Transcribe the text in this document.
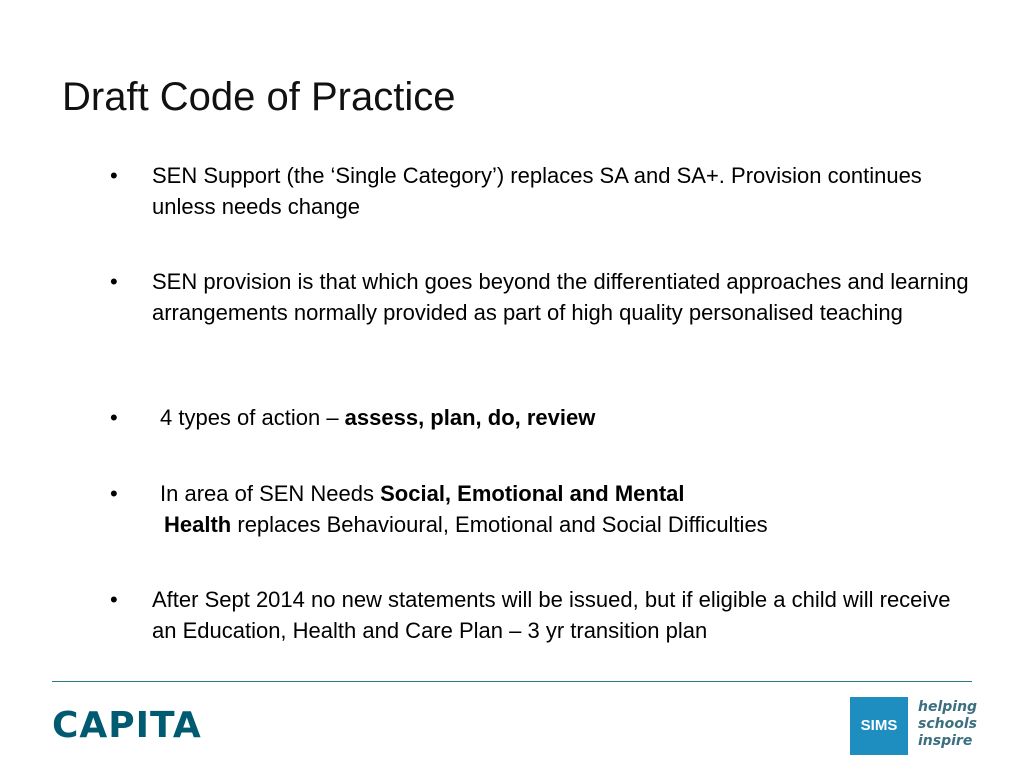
Draft Code of Practice
•	SEN Support (the ‘Single Category’) replaces SA and SA+. Provision continues unless needs change
•	SEN provision is that which goes beyond the differentiated approaches and learning arrangements normally provided as part of high quality personalised teaching
•	4 types of action – assess, plan, do, review
•	In area of SEN Needs Social, Emotional and Mental
Health replaces Behavioural, Emotional and Social Difficulties
•	After Sept 2014 no new statements will be issued, but if eligible a child will receive an Education, Health and Care Plan – 3 yr transition plan
CAPITA	SIMS
helping
schools
inspire
